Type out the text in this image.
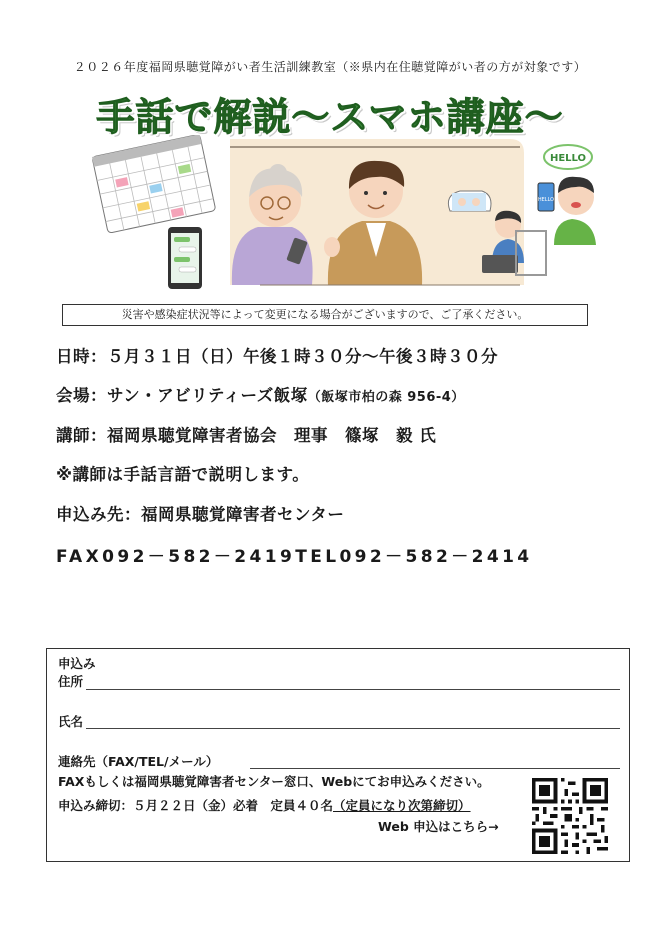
２０２６年度福岡県聴覚障がい者生活訓練教室（※県内在住聴覚障がい者の方が対象です）
手話で解説～スマホ講座～
HELLO
HELLO
災害や感染症状況等によって変更になる場合がございますので、ご了承ください。
日時：５月３１日（日）午後１時３０分～午後３時３０分
会場：サン・アビリティーズ飯塚（飯塚市柏の森 956-4）
講師：福岡県聴覚障害者協会　理事　篠塚　毅 氏
※講師は手話言語で説明します。
申込み先：福岡県聴覚障害者センター
FAX092－582－2419TEL092－582－2414
申込み
住所
氏名
連絡先（FAX/TEL/メール）
FAXもしくは福岡県聴覚障害者センター窓口、Webにてお申込みください。
申込み締切：５月２２日（金）必着　定員４０名（定員になり次第締切）
Web 申込はこちら→
